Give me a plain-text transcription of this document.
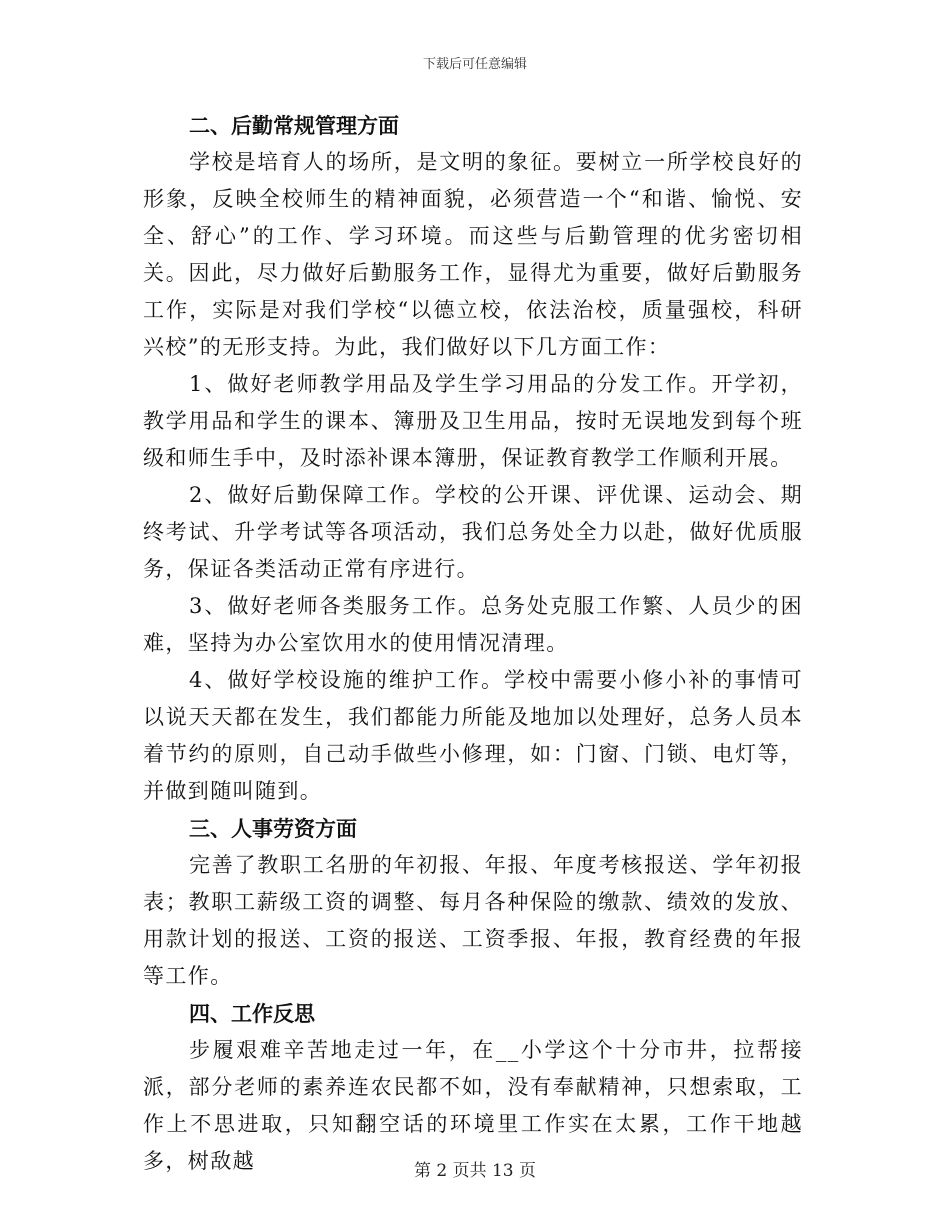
下载后可任意编辑

二、后勤常规管理方面

学校是培育人的场所，是文明的象征。要树立一所学校良好的形象，反映全校师生的精神面貌，必须营造一个“和谐、愉悦、安全、舒心”的工作、学习环境。而这些与后勤管理的优劣密切相关。因此，尽力做好后勤服务工作，显得尤为重要，做好后勤服务工作，实际是对我们学校“以德立校，依法治校，质量强校，科研兴校”的无形支持。为此，我们做好以下几方面工作：

1、做好老师教学用品及学生学习用品的分发工作。开学初，教学用品和学生的课本、簿册及卫生用品，按时无误地发到每个班级和师生手中，及时添补课本簿册，保证教育教学工作顺利开展。

2、做好后勤保障工作。学校的公开课、评优课、运动会、期终考试、升学考试等各项活动，我们总务处全力以赴，做好优质服务，保证各类活动正常有序进行。

3、做好老师各类服务工作。总务处克服工作繁、人员少的困难，坚持为办公室饮用水的使用情况清理。

4、做好学校设施的维护工作。学校中需要小修小补的事情可以说天天都在发生，我们都能力所能及地加以处理好，总务人员本着节约的原则，自己动手做些小修理，如：门窗、门锁、电灯等，并做到随叫随到。

三、人事劳资方面

完善了教职工名册的年初报、年报、年度考核报送、学年初报表；教职工薪级工资的调整、每月各种保险的缴款、绩效的发放、用款计划的报送、工资的报送、工资季报、年报，教育经费的年报等工作。

四、工作反思

步履艰难辛苦地走过一年，在__小学这个十分市井，拉帮接派，部分老师的素养连农民都不如，没有奉献精神，只想索取，工作上不思进取，只知翻空话的环境里工作实在太累，工作干地越多，树敌越	第 2 页共 13 页
